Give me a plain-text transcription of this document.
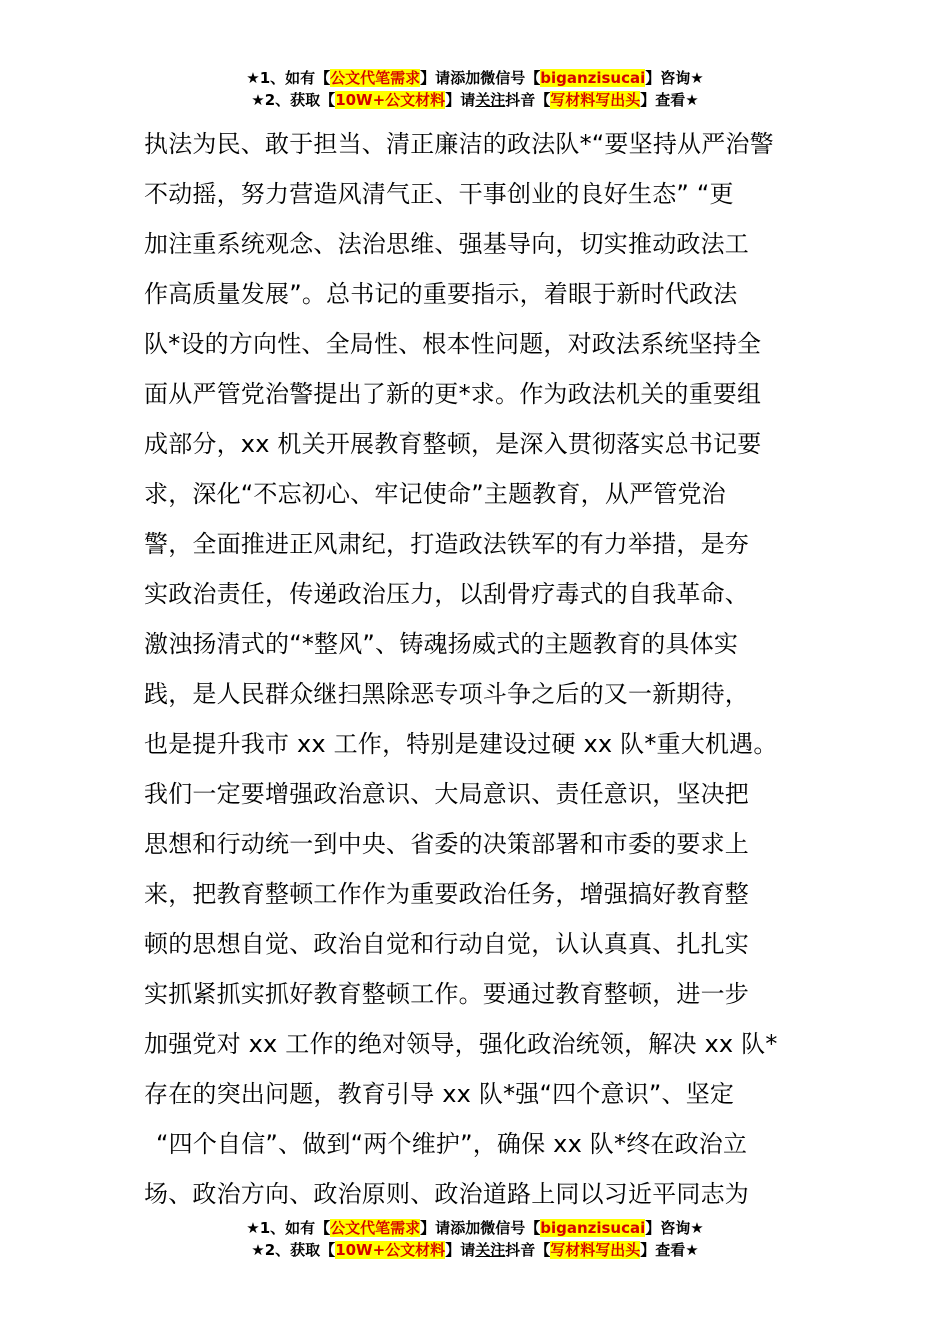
★1、如有【公文代笔需求】请添加微信号【biganzisucai】咨询★
★2、获取【10W+公文材料】请关注抖音【写材料写出头】查看★
执法为民、敢于担当、清正廉洁的政法队*“要坚持从严治警
不动摇，努力营造风清气正、干事创业的良好生态” “更
加注重系统观念、法治思维、强基导向，切实推动政法工
作高质量发展”。总书记的重要指示，着眼于新时代政法
队*设的方向性、全局性、根本性问题，对政法系统坚持全
面从严管党治警提出了新的更*求。作为政法机关的重要组
成部分，xx 机关开展教育整顿，是深入贯彻落实总书记要
求，深化“不忘初心、牢记使命”主题教育，从严管党治
警，全面推进正风肃纪，打造政法铁军的有力举措，是夯
实政治责任，传递政治压力，以刮骨疗毒式的自我革命、
激浊扬清式的“*整风”、铸魂扬威式的主题教育的具体实
践，是人民群众继扫黑除恶专项斗争之后的又一新期待，
也是提升我市 xx 工作，特别是建设过硬 xx 队*重大机遇。
我们一定要增强政治意识、大局意识、责任意识，坚决把
思想和行动统一到中央、省委的决策部署和市委的要求上
来，把教育整顿工作作为重要政治任务，增强搞好教育整
顿的思想自觉、政治自觉和行动自觉，认认真真、扎扎实
实抓紧抓实抓好教育整顿工作。要通过教育整顿，进一步
加强党对 xx 工作的绝对领导，强化政治统领，解决 xx 队*
存在的突出问题，教育引导 xx 队*强“四个意识”、坚定
“四个自信”、做到“两个维护”，确保 xx 队*终在政治立
场、政治方向、政治原则、政治道路上同以习近平同志为
★1、如有【公文代笔需求】请添加微信号【biganzisucai】咨询★
★2、获取【10W+公文材料】请关注抖音【写材料写出头】查看★
